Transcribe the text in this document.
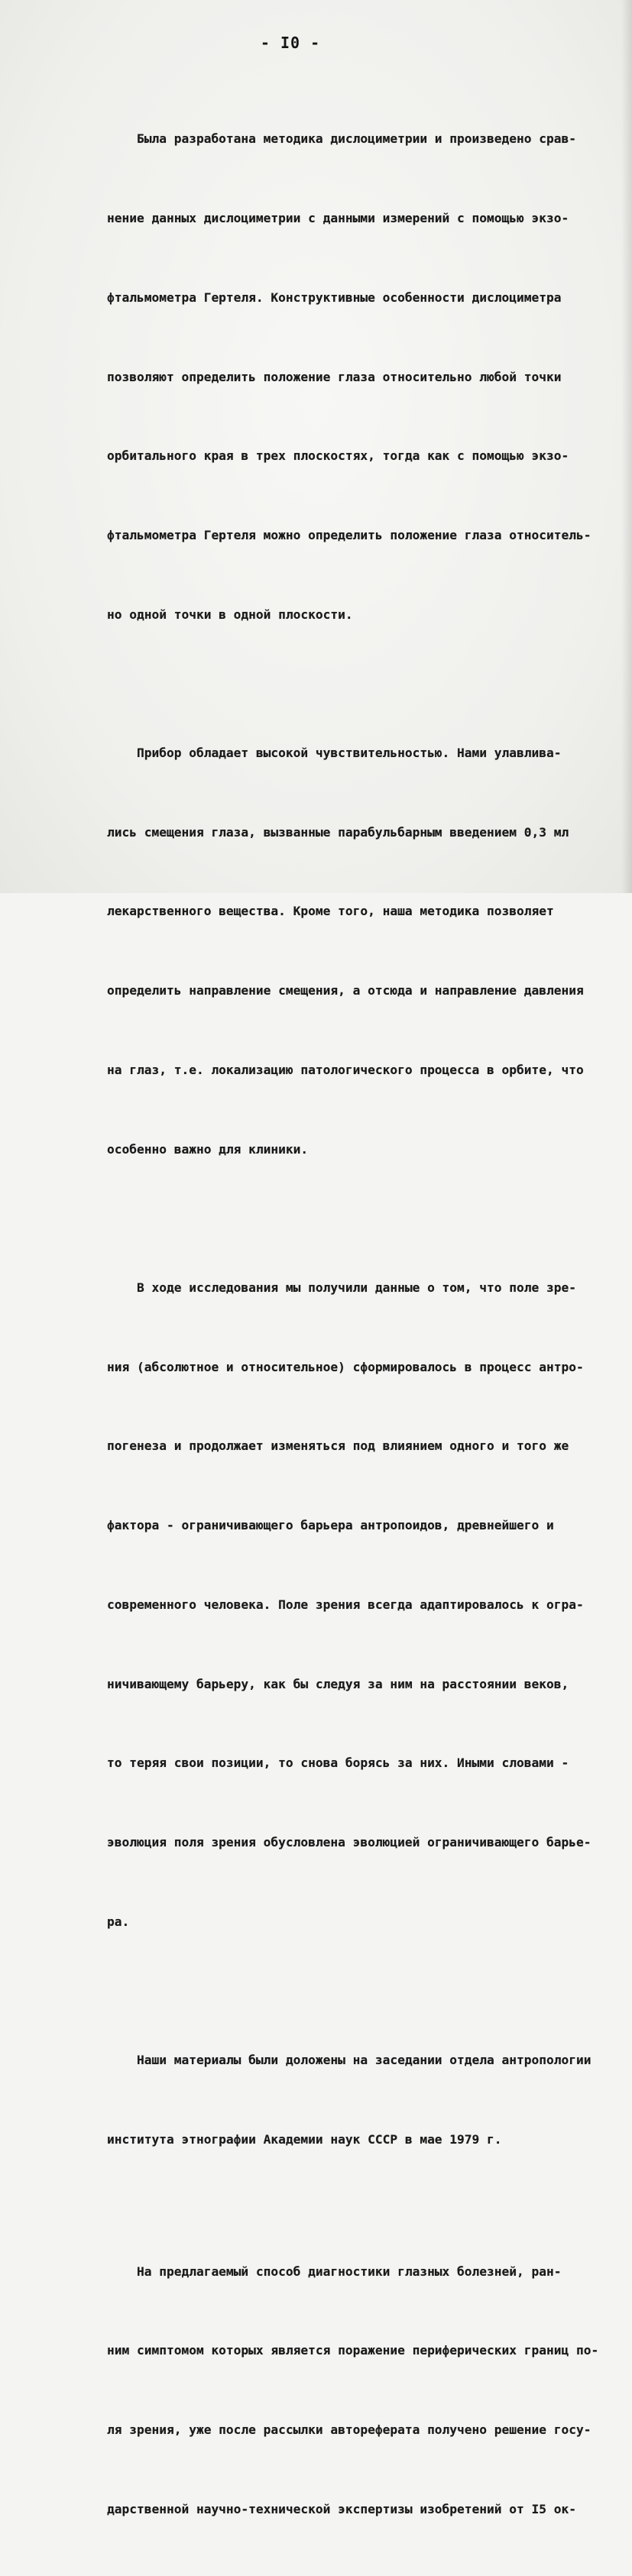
- I0 -

Была разработана методика дислоциметрии и произведено срав-

нение данных дислоциметрии с данными измерений с помощью экзо-

фтальмометра Гертеля. Конструктивные особенности дислоциметра

позволяют определить положение глаза относительно любой точки

орбитального края в трех плоскостях, тогда как с помощью экзо-

фтальмометра Гертеля можно определить положение глаза относитель-

но одной точки в одной плоскости.

Прибор обладает высокой чувствительностью. Нами улавлива-

лись смещения глаза, вызванные парабульбарным введением 0,3 мл

лекарственного вещества. Кроме того, наша методика позволяет

определить направление смещения, а отсюда и направление давления

на глаз, т.е. локализацию патологического процесса в орбите, что

особенно важно для клиники.

В ходе исследования мы получили данные о том, что поле зре-

ния (абсолютное и относительное) сформировалось в процесс антро-

погенеза и продолжает изменяться под влиянием одного и того же

фактора - ограничивающего барьера антропоидов, древнейшего и

современного человека. Поле зрения всегда адаптировалось к огра-

ничивающему барьеру, как бы следуя за ним на расстоянии веков,

то теряя свои позиции, то снова борясь за них. Иными словами -

эволюция поля зрения обусловлена эволюцией ограничивающего барье-

ра.

Наши материалы были доложены на заседании отдела антропологии

института этнографии Академии наук СССР в мае 1979 г.

На предлагаемый способ диагностики глазных болезней, ран-

ним симптомом которых является поражение периферических границ по-

ля зрения, уже после рассылки автореферата получено решение госу-

дарственной научно-технической экспертизы изобретений от I5 ок-
